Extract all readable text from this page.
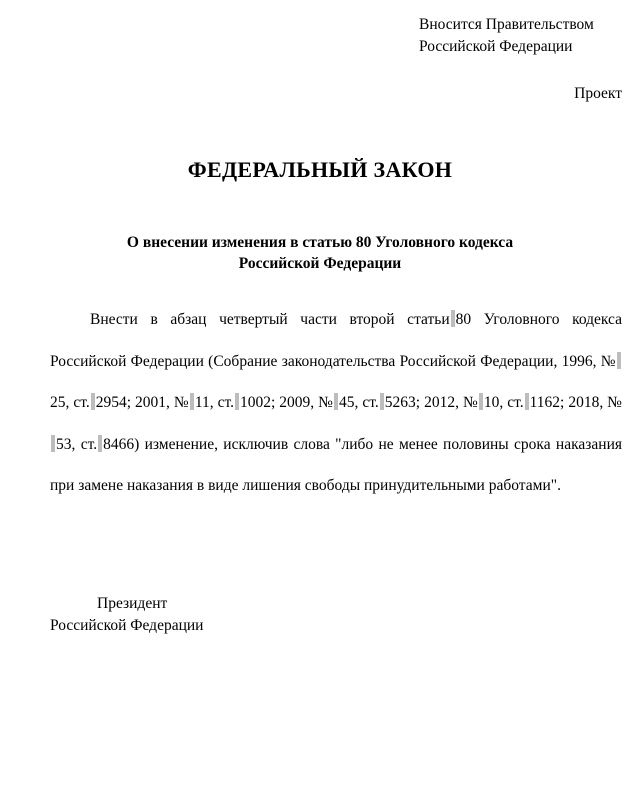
Вносится Правительством
Российской Федерации
Проект
ФЕДЕРАЛЬНЫЙ ЗАКОН
О внесении изменения в статью 80 Уголовного кодекса
Российской Федерации
Внести в абзац четвертый части второй статьи 80 Уголовного кодекса Российской Федерации (Собрание законодательства Российской Федерации, 1996, №25, ст. 2954; 2001, № 11, ст. 1002; 2009, № 45, ст. 5263; 2012, № 10, ст. 1162; 2018, №53, ст. 8466) изменение, исключив слова "либо не менее половины срока наказания при замене наказания в виде лишения свободы принудительными работами".
Президент
Российской Федерации
